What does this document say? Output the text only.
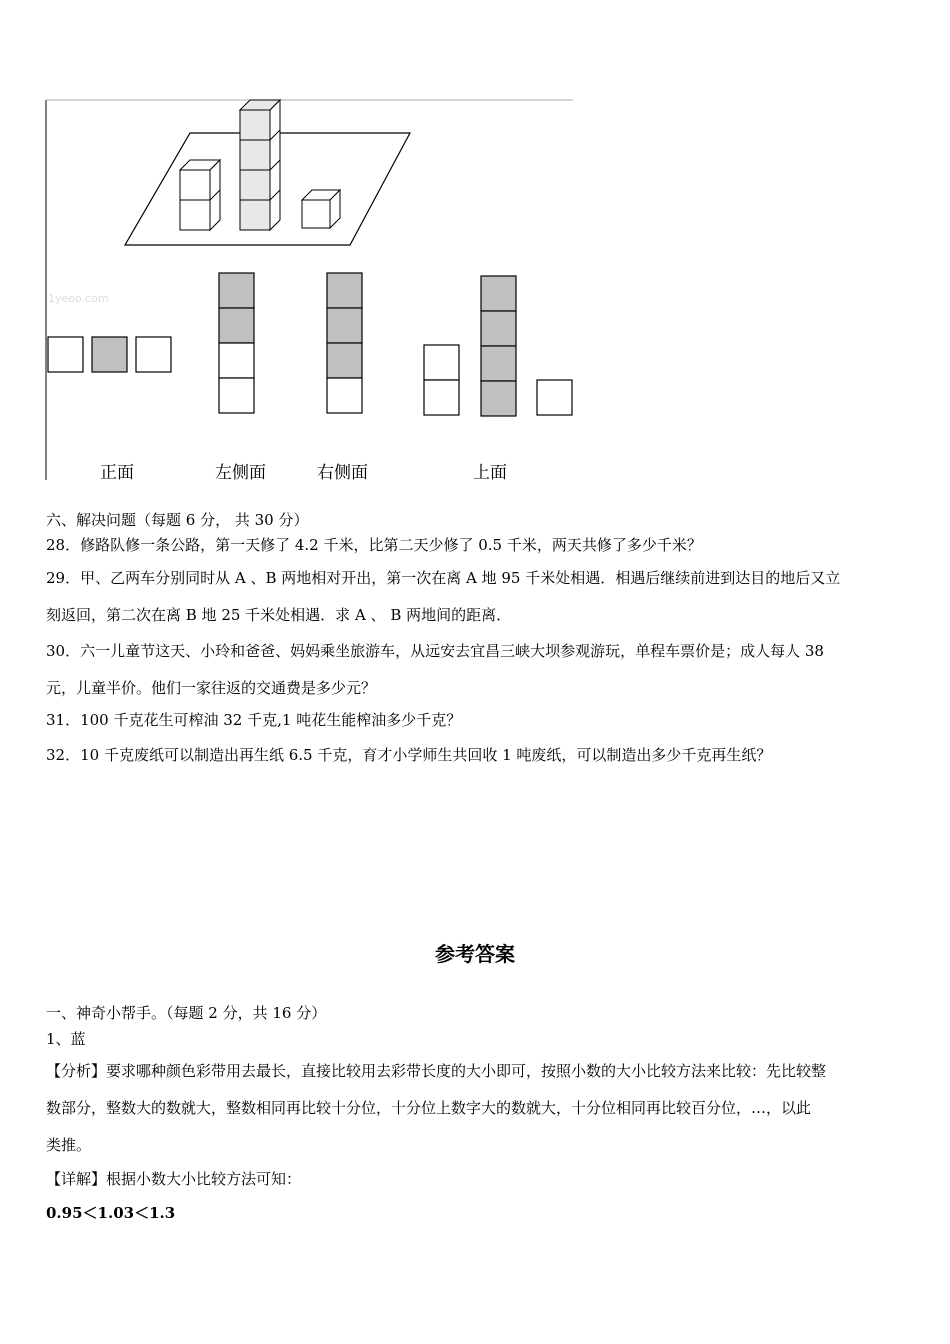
1yeoo.com
正面	左侧面	右侧面	上面
六、解决问题（每题 6 分， 共 30 分）
28．修路队修一条公路，第一天修了 4.2 千米，比第二天少修了 0.5 千米，两天共修了多少千米？
29．甲、乙两车分别同时从 A 、B 两地相对开出，第一次在离 A 地 95 千米处相遇．相遇后继续前进到达目的地后又立
刻返回，第二次在离 B 地 25 千米处相遇．求 A 、 B 两地间的距离．
30．六一儿童节这天、小玲和爸爸、妈妈乘坐旅游车，从远安去宜昌三峡大坝参观游玩，单程车票价是；成人每人 38
元，儿童半价。他们一家往返的交通费是多少元？
31．100 千克花生可榨油 32 千克,1 吨花生能榨油多少千克？
32．10 千克废纸可以制造出再生纸 6.5 千克，育才小学师生共回收 1 吨废纸，可以制造出多少千克再生纸？
参考答案
一、神奇小帮手。（每题 2 分，共 16 分）
1、蓝
【分析】要求哪种颜色彩带用去最长，直接比较用去彩带长度的大小即可，按照小数的大小比较方法来比较：先比较整
数部分，整数大的数就大，整数相同再比较十分位，十分位上数字大的数就大，十分位相同再比较百分位，…，以此
类推。
【详解】根据小数大小比较方法可知：
0.95＜1.03＜1.3
